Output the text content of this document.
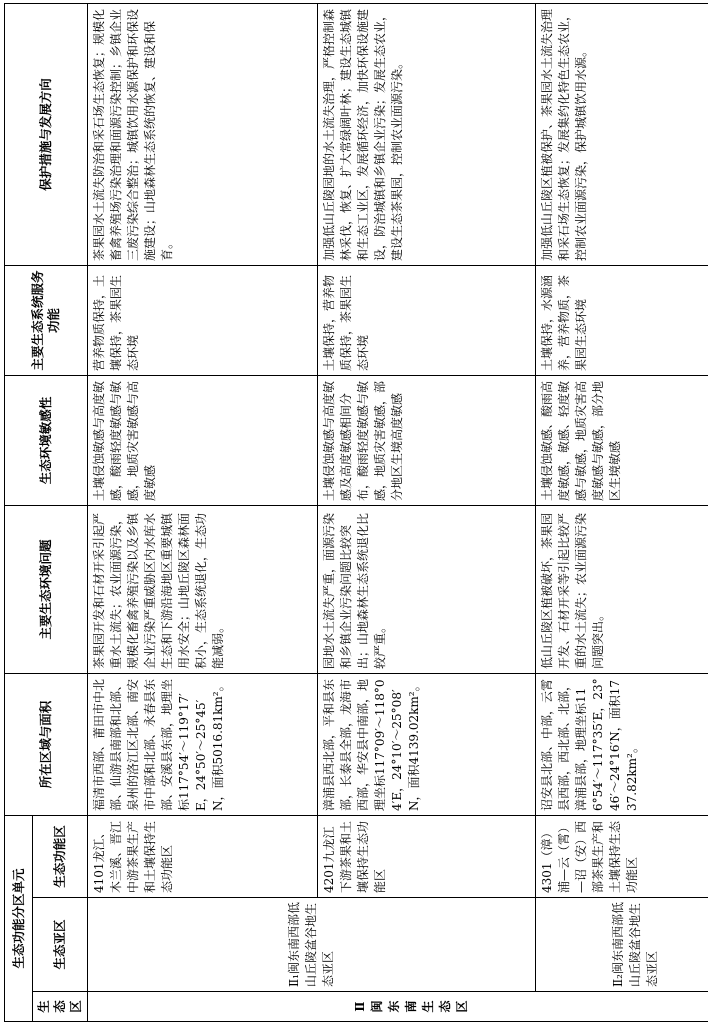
生态功能分区单元			所在区域与面积	主要生态环境问题	生态环境敏感性	主要生态系统服务功能	保护措施与发展方向
生态区	生态亚区	生态功能区					
Ⅱ闽东南生态区	Ⅱ₁闽东南西部低山丘陵盆谷地生态亚区	4101龙江、木兰溪、晋江中游茶果生产和土壤保持生态功能区	福清市西部、莆田市中北部、仙游县南部和北部、泉州的洛江区北部、南安市中部和北部、永春县东部、安溪县东部，地理坐标117°54′～119°17′E，24°50′～25°45′N，面积5016.81km²。	茶果园开发和石材开采引起严重水土流失；农业面源污染，规模化畜禽养殖污染以及乡镇企业污染严重威胁区内水库水生态和下游沿海地区重要城镇用水安全；山地丘陵区森林面积小，生态系统退化，生态功能减弱。	土壤侵蚀敏感与高度敏感，酸雨轻度敏感与敏感，地质灾害敏感与高度敏感	营养物质保持，土壤保持，茶果园生态环境	茶果园水土流失防治和采石场生态恢复；规模化畜禽养殖场污染治理和面源污染控制；乡镇企业三废污染综合整治；城镇饮用水源保护和环保设施建设；山地森林生态系统的恢复、建设和保育。
		4201九龙江下游茶果和土壤保持生态功能区	漳浦县西北部，平和县东部，长泰县全部，龙海市西部，华安县中南部，地理坐标117°09′～118°04′E，24°10′～25°08′N，面积4139.02km²。	园地水土流失严重，面源污染和乡镇企业污染问题比较突出；山地森林生态系统退化比较严重。	土壤侵蚀敏感与高度敏感及高度敏感相间分布，酸雨轻度敏感与敏感，地质灾害敏感，部分地区生境高度敏感	土壤保持，营养物质保持，茶果园生态环境	加强低山丘陵园地的水土流失治理，严格控制森林采伐，恢复、扩大常绿阔叶林；建设生态城镇和生态工业区，发展循环经济，加快环保设施建设，防治城镇和乡镇企业污染；发展生态农业，建设生态茶果园，控制农业面源污染。
	Ⅱ₂闽东南西部低山丘陵盆谷地生态亚区	4301（漳）浦—云（霄）—诏（安）西部茶果生产和土壤保持生态功能区	诏安县北部、中部，云霄县西部，西北部、北部，漳浦县部，地理坐标116°54′～117°35′E，23°46′～24°16′N，面积1737.82km²。	低山丘陵区植被破坏，茶果园开发、石材开采等引起比较严重的水土流失；农业面源污染问题突出。	土壤侵蚀敏感、酸雨高度敏感，敏感、轻度敏感与敏感，地质灾害高度敏感与敏感，部分地区生境敏感	土壤保持，水源涵养，营养物质，茶果园生态环境	加强低山丘陵区植被保护、茶果园水土流失治理和采石场生态恢复；发展集约化特色生态农业，控制农业面源污染，保护城镇饮用水源。
